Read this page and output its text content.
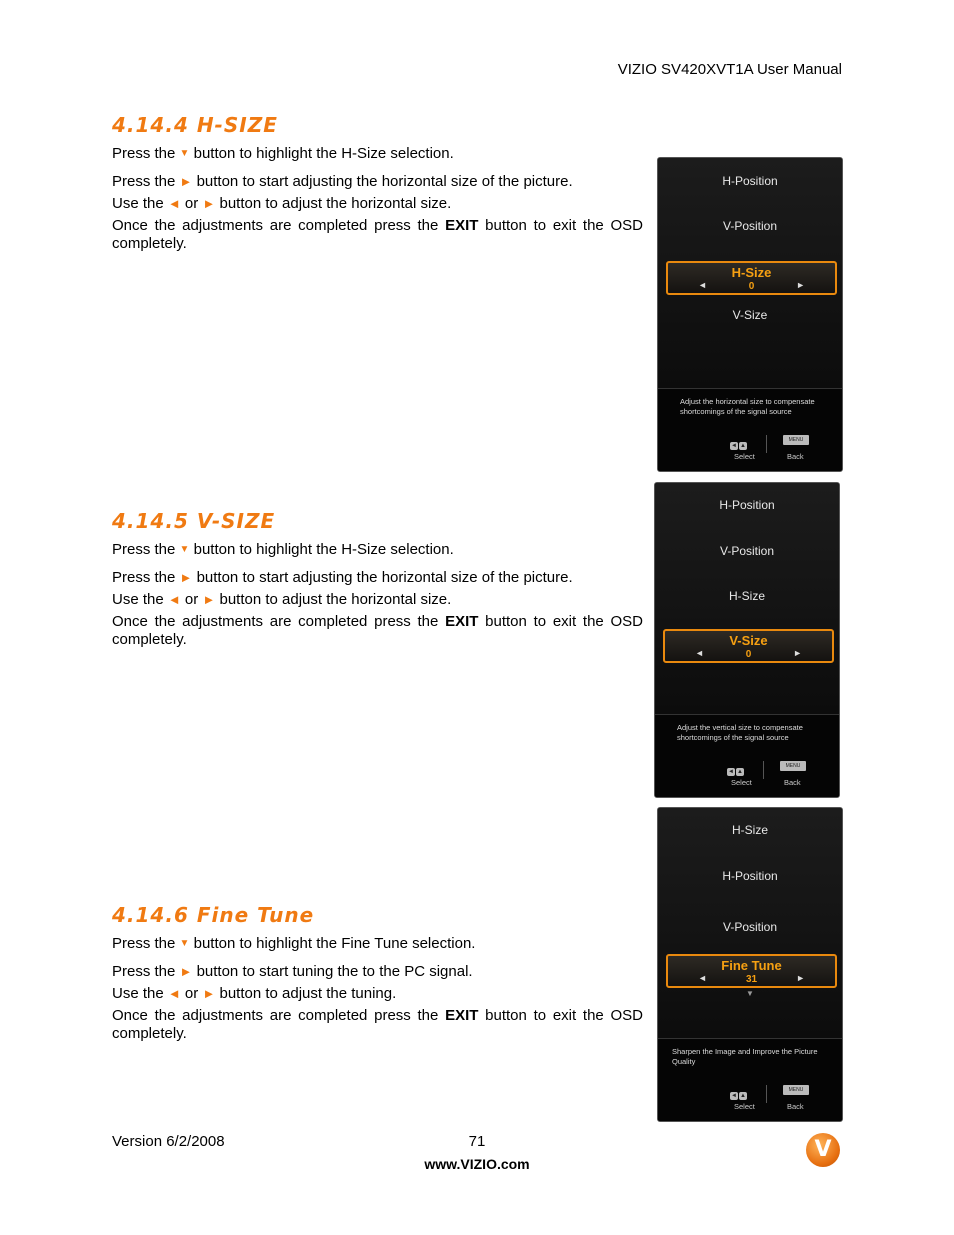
VIZIO SV420XVT1A User Manual
4.14.4 H-SIZE

Press the ▼ button to highlight the H-Size selection.

Press the ► button to start adjusting the horizontal size of the picture.

Use the ◄ or ► button to adjust the horizontal size.

Once the adjustments are completed press the EXIT button to exit the OSD completely.

4.14.5 V-SIZE

Press the ▼ button to highlight the H-Size selection.

Press the ► button to start adjusting the horizontal size of the picture.

Use the ◄ or ► button to adjust the horizontal size.

Once the adjustments are completed press the EXIT button to exit the OSD completely.

4.14.6 Fine Tune

Press the ▼ button to highlight the Fine Tune selection.

Press the ► button to start tuning the to the PC signal.

Use the ◄ or ► button to adjust the tuning.

Once the adjustments are completed press the EXIT button to exit the OSD completely.

H-Position
V-Position
H-Size
◄	0	►
V-Size
Adjust the horizontal size to compensate shortcomings of the signal source
◄ ▲
MENU
Select	Back
H-Position
V-Position
H-Size
V-Size
◄	0	►
Adjust the vertical size to compensate shortcomings of the signal source
◄ ▲
MENU
Select	Back
H-Size
H-Position
V-Position
Fine Tune
◄	31	►
▼
Sharpen the Image and Improve the Picture Quality
◄ ▲
MENU
Select	Back
Version 6/2/2008	71
www.VIZIO.com
V
